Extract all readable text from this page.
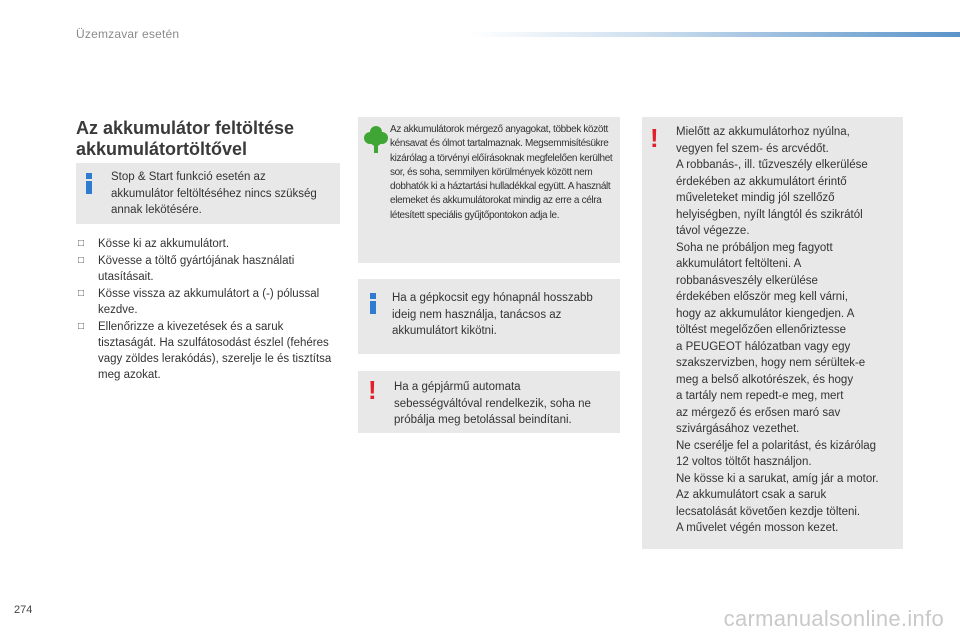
Üzemzavar esetén
Az akkumulátor feltöltése
akkumulátortöltővel
Stop & Start funkció esetén az akkumulátor feltöltéséhez nincs szükség annak lekötésére.
□ Kösse ki az akkumulátort.
□ Kövesse a töltő gyártójának használati utasításait.
□ Kösse vissza az akkumulátort a (-) pólussal kezdve.
□ Ellenőrizze a kivezetések és a saruk tisztaságát. Ha szulfátosodást észlel (fehéres vagy zöldes lerakódás), szerelje le és tisztítsa meg azokat.
Az akkumulátorok mérgező anyagokat, többek között kénsavat és ólmot tartalmaznak. Megsemmisítésükre kizárólag a törvényi előírásoknak megfelelően kerülhet sor, és soha, semmilyen körülmények között nem dobhatók ki a háztartási hulladékkal együtt. A használt elemeket és akkumulátorokat mindig az erre a célra létesített speciális gyűjtőpontokon adja le.
Ha a gépkocsit egy hónapnál hosszabb ideig nem használja, tanácsos az akkumulátort kikötni.
! Ha a gépjármű automata sebességváltóval rendelkezik, soha ne próbálja meg betolással beindítani.
! Mielőtt az akkumulátorhoz nyúlna,
vegyen fel szem- és arcvédőt.
A robbanás-, ill. tűzveszély elkerülése
érdekében az akkumulátort érintő
műveleteket mindig jól szellőző
helyiségben, nyílt lángtól és szikrától
távol végezze.
Soha ne próbáljon meg fagyott
akkumulátort feltölteni. A
robbanásveszély elkerülése
érdekében először meg kell várni,
hogy az akkumulátor kiengedjen. A
töltést megelőzően ellenőriztesse
a PEUGEOT hálózatban vagy egy
szakszervizben, hogy nem sérültek-e
meg a belső alkotórészek, és hogy
a tartály nem repedt-e meg, mert
az mérgező és erősen maró sav
szivárgásához vezethet.
Ne cserélje fel a polaritást, és kizárólag
12 voltos töltőt használjon.
Ne kösse ki a sarukat, amíg jár a motor.
Az akkumulátort csak a saruk
lecsatolását követően kezdje tölteni.
A művelet végén mosson kezet.
274	carmanualsonline.info
